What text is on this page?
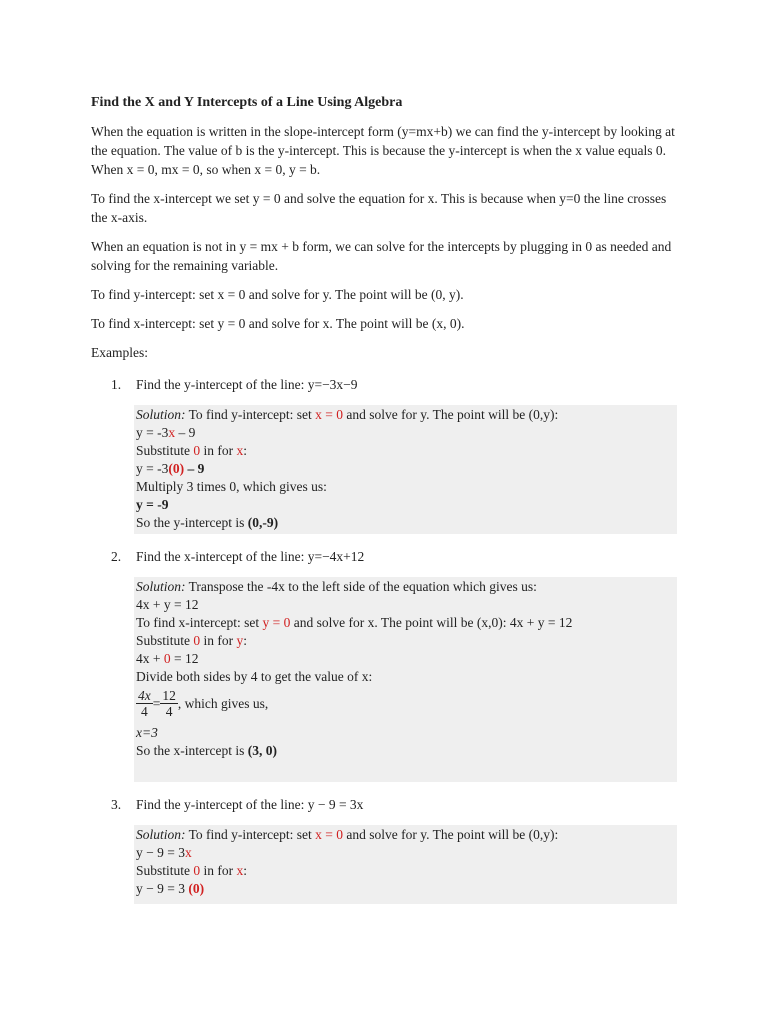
Find the X and Y Intercepts of a Line Using Algebra
When the equation is written in the slope-intercept form (y=mx+b) we can find the y-intercept by looking at the equation. The value of b is the y-intercept. This is because the y-intercept is when the x value equals 0. When x = 0, mx = 0, so when x = 0, y = b.
To find the x-intercept we set y = 0 and solve the equation for x. This is because when y=0 the line crosses the x-axis.
When an equation is not in y = mx + b form, we can solve for the intercepts by plugging in 0 as needed and solving for the remaining variable.
To find y-intercept: set x = 0 and solve for y. The point will be (0, y).
To find x-intercept: set y = 0 and solve for x. The point will be (x, 0).
Examples:
1.	Find the y-intercept of the line: y=−3x−9
Solution: To find y-intercept: set x = 0 and solve for y. The point will be (0,y):
y = -3x – 9
Substitute 0 in for x:
y = -3(0) – 9
Multiply 3 times 0, which gives us:
y = -9
So the y-intercept is (0,-9)
2.	Find the x-intercept of the line: y=−4x+12
Solution: Transpose the -4x to the left side of the equation which gives us:
4x + y = 12
To find x-intercept: set y = 0 and solve for x. The point will be (x,0): 4x + y = 12
Substitute 0 in for y:
4x + 0 = 12
Divide both sides by 4 to get the value of x:
$\frac{4x}{4} = \frac{12}{4}$ , which gives us,
x=3
So the x-intercept is (3, 0)
3.	Find the y-intercept of the line: y − 9 = 3x
Solution: To find y-intercept: set x = 0 and solve for y. The point will be (0,y):
y − 9 = 3x
Substitute 0 in for x:
y − 9 = 3 (0)
